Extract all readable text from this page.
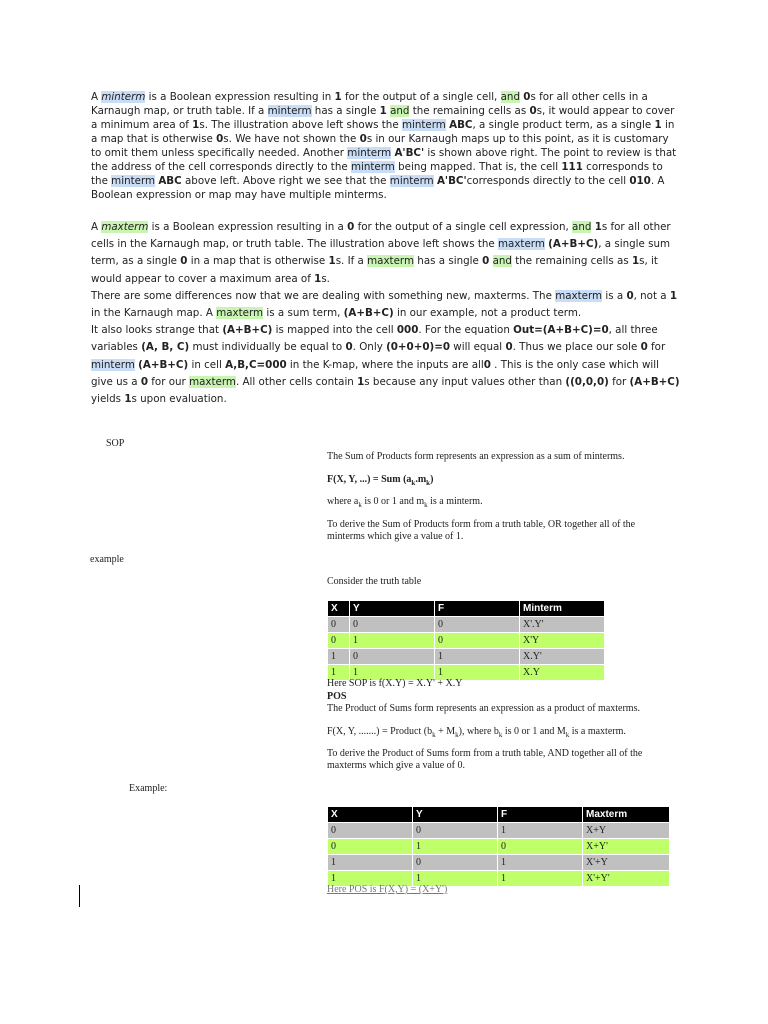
A minterm is a Boolean expression resulting in 1 for the output of a single cell, and 0s for all other cells in a Karnaugh map, or truth table. If a minterm has a single 1 and the remaining cells as 0s, it would appear to cover a minimum area of 1s. The illustration above left shows the minterm ABC, a single product term, as a single 1 in a map that is otherwise 0s. We have not shown the 0s in our Karnaugh maps up to this point, as it is customary to omit them unless specifically needed. Another minterm A'BC' is shown above right. The point to review is that the address of the cell corresponds directly to the minterm being mapped. That is, the cell 111 corresponds to the minterm ABC above left. Above right we see that the minterm A'BC'corresponds directly to the cell 010. A Boolean expression or map may have multiple minterms.
A maxterm is a Boolean expression resulting in a 0 for the output of a single cell expression, and 1s for all other cells in the Karnaugh map, or truth table. The illustration above left shows the maxterm (A+B+C), a single sum term, as a single 0 in a map that is otherwise 1s. If a maxterm has a single 0 and the remaining cells as 1s, it would appear to cover a maximum area of 1s.
There are some differences now that we are dealing with something new, maxterms. The maxterm is a 0, not a 1 in the Karnaugh map. A maxterm is a sum term, (A+B+C) in our example, not a product term.
It also looks strange that (A+B+C) is mapped into the cell 000. For the equation Out=(A+B+C)=0, all three variables (A, B, C) must individually be equal to 0. Only (0+0+0)=0 will equal 0. Thus we place our sole 0 for minterm (A+B+C) in cell A,B,C=000 in the K-map, where the inputs are all0 . This is the only case which will give us a 0 for our maxterm. All other cells contain 1s because any input values other than ((0,0,0) for (A+B+C) yields 1s upon evaluation.
SOP
The Sum of Products form represents an expression as a sum of minterms.
F(X, Y, ...) = Sum $(a_k.m_k)$
where $a_k$ is 0 or 1 and $m_k$ is a minterm.
To derive the Sum of Products form from a truth table, OR together all of the minterms which give a value of 1.
example
Consider the truth table
X	Y	F	Minterm
0	0	0	X'.Y'
0	1	0	X'Y
1	0	1	X.Y'
1	1	1	X.Y
Here SOP is f(X.Y) = X.Y' + X.Y
POS
The Product of Sums form represents an expression as a product of maxterms.
F(X, Y, .......) = Product $(b_k + M_k)$, where $b_k$ is 0 or 1 and $M_k$ is a maxterm.
To derive the Product of Sums form from a truth table, AND together all of the maxterms which give a value of 0.
Example:
X	Y	F	Maxterm
0	0	1	X+Y
0	1	0	X+Y'
1	0	1	X'+Y
1	1	1	X'+Y'
Here POS is F(X,Y) = (X+Y')
